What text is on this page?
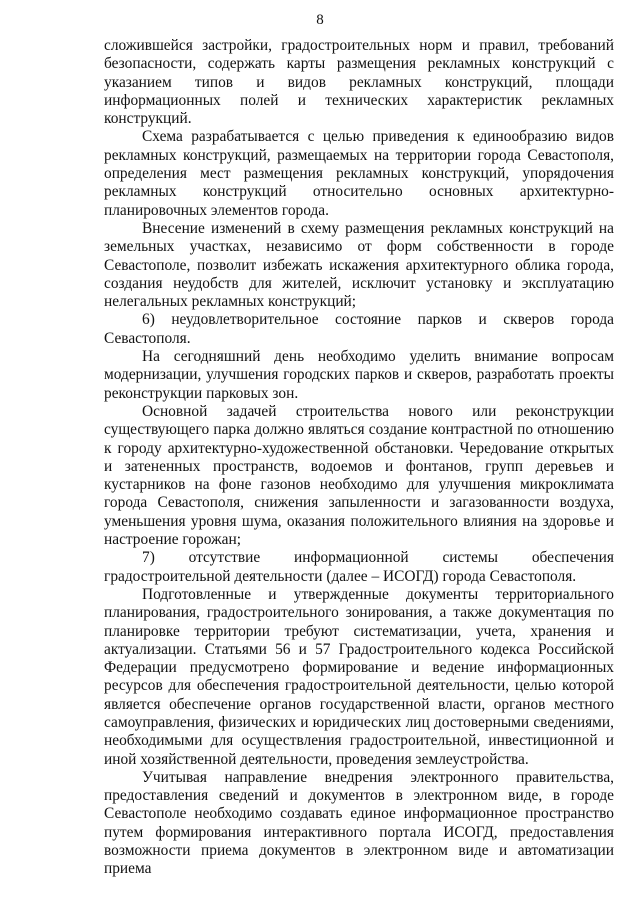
8

сложившейся застройки, градостроительных норм и правил, требований безопасности, содержать карты размещения рекламных конструкций с указанием типов и видов рекламных конструкций, площади информационных полей и технических характеристик рекламных конструкций.

Схема разрабатывается с целью приведения к единообразию видов рекламных конструкций, размещаемых на территории города Севастополя, определения мест размещения рекламных конструкций, упорядочения рекламных конструкций относительно основных архитектурно-планировочных элементов города.

Внесение изменений в схему размещения рекламных конструкций на земельных участках, независимо от форм собственности в городе Севастополе, позволит избежать искажения архитектурного облика города, создания неудобств для жителей, исключит установку и эксплуатацию нелегальных рекламных конструкций;

6) неудовлетворительное состояние парков и скверов города Севастополя.

На сегодняшний день необходимо уделить внимание вопросам модернизации, улучшения городских парков и скверов, разработать проекты реконструкции парковых зон.

Основной задачей строительства нового или реконструкции существующего парка должно являться создание контрастной по отношению к городу архитектурно-художественной обстановки. Чередование открытых и затененных пространств, водоемов и фонтанов, групп деревьев и кустарников на фоне газонов необходимо для улучшения микроклимата города Севастополя, снижения запыленности и загазованности воздуха, уменьшения уровня шума, оказания положительного влияния на здоровье и настроение горожан;

7) отсутствие информационной системы обеспечения градостроительной деятельности (далее – ИСОГД) города Севастополя.

Подготовленные и утвержденные документы территориального планирования, градостроительного зонирования, а также документация по планировке территории требуют систематизации, учета, хранения и актуализации. Статьями 56 и 57 Градостроительного кодекса Российской Федерации предусмотрено формирование и ведение информационных ресурсов для обеспечения градостроительной деятельности, целью которой является обеспечение органов государственной власти, органов местного самоуправления, физических и юридических лиц достоверными сведениями, необходимыми для осуществления градостроительной, инвестиционной и иной хозяйственной деятельности, проведения землеустройства.

Учитывая направление внедрения электронного правительства, предоставления сведений и документов в электронном виде, в городе Севастополе необходимо создавать единое информационное пространство путем формирования интерактивного портала ИСОГД, предоставления возможности приема документов в электронном виде и автоматизации приема
